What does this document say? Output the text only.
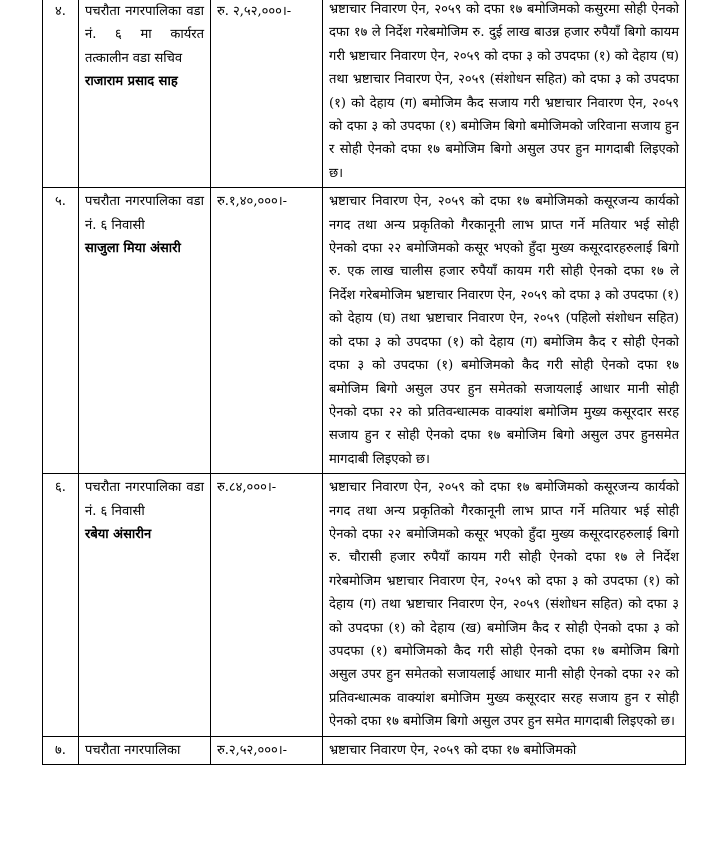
४.	पचरौता नगरपालिका वडा नं. ६ मा कार्यरत तत्कालीन वडा सचिव
राजाराम प्रसाद साह	रु. २,५२,०००।-	भ्रष्टाचार निवारण ऐन, २०५९ को दफा १७ बमोजिमको कसुरमा सोही ऐनको दफा १७ ले निर्देश गरेबमोजिम रु. दुई लाख बाउन्न हजार रुपैयाँ बिगो कायम गरी भ्रष्टाचार निवारण ऐन, २०५९ को दफा ३ को उपदफा (१) को देहाय (घ) तथा भ्रष्टाचार निवारण ऐन, २०५९ (संशोधन सहित) को दफा ३ को उपदफा (१) को देहाय (ग) बमोजिम कैद सजाय गरी भ्रष्टाचार निवारण ऐन, २०५९ को दफा ३ को उपदफा (१) बमोजिम बिगो बमोजिमको जरिवाना सजाय हुन र सोही ऐनको दफा १७ बमोजिम बिगो असुल उपर हुन मागदाबी लिइएको छ।
५.	पचरौता नगरपालिका वडा नं. ६ निवासी
साजुला मिया अंसारी	रु.१,४०,०००।-	भ्रष्टाचार निवारण ऐन, २०५९ को दफा १७ बमोजिमको कसूरजन्य कार्यको नगद तथा अन्य प्रकृतिको गैरकानूनी लाभ प्राप्त गर्ने मतियार भई सोही ऐनको दफा २२ बमोजिमको कसूर भएको हुँदा मुख्य कसूरदारहरुलाई बिगो रु. एक लाख चालीस हजार रुपैयाँ कायम गरी सोही ऐनको दफा १७ ले निर्देश गरेबमोजिम भ्रष्टाचार निवारण ऐन, २०५९ को दफा ३ को उपदफा (१) को देहाय (घ) तथा भ्रष्टाचार निवारण ऐन, २०५९ (पहिलो संशोधन सहित) को दफा ३ को उपदफा (१) को देहाय (ग) बमोजिम कैद र सोही ऐनको दफा ३ को उपदफा (१) बमोजिमको कैद गरी सोही ऐनको दफा १७ बमोजिम बिगो असुल उपर हुन समेतको सजायलाई आधार मानी सोही ऐनको दफा २२ को प्रतिवन्धात्मक वाक्यांश बमोजिम मुख्य कसूरदार सरह सजाय हुन र सोही ऐनको दफा १७ बमोजिम बिगो असुल उपर हुनसमेत मागदाबी लिइएको छ।
६.	पचरौता नगरपालिका वडा नं. ६ निवासी
रबेया अंसारीन	रु.८४,०००।-	भ्रष्टाचार निवारण ऐन, २०५९ को दफा १७ बमोजिमको कसूरजन्य कार्यको नगद तथा अन्य प्रकृतिको गैरकानूनी लाभ प्राप्त गर्ने मतियार भई सोही ऐनको दफा २२ बमोजिमको कसूर भएको हुँदा मुख्य कसूरदारहरुलाई बिगो रु. चौरासी हजार रुपैयाँ कायम गरी सोही ऐनको दफा १७ ले निर्देश गरेबमोजिम भ्रष्टाचार निवारण ऐन, २०५९ को दफा ३ को उपदफा (१) को देहाय (ग) तथा भ्रष्टाचार निवारण ऐन, २०५९ (संशोधन सहित) को दफा ३ को उपदफा (१) को देहाय (ख) बमोजिम कैद र सोही ऐनको दफा ३ को उपदफा (१) बमोजिमको कैद गरी सोही ऐनको दफा १७ बमोजिम बिगो असुल उपर हुन समेतको सजायलाई आधार मानी सोही ऐनको दफा २२ को प्रतिवन्धात्मक वाक्यांश बमोजिम मुख्य कसूरदार सरह सजाय हुन र सोही ऐनको दफा १७ बमोजिम बिगो असुल उपर हुन समेत मागदाबी लिइएको छ।
७.	पचरौता नगरपालिका	रु.२,५२,०००।-	भ्रष्टाचार निवारण ऐन, २०५९ को दफा १७ बमोजिमको
